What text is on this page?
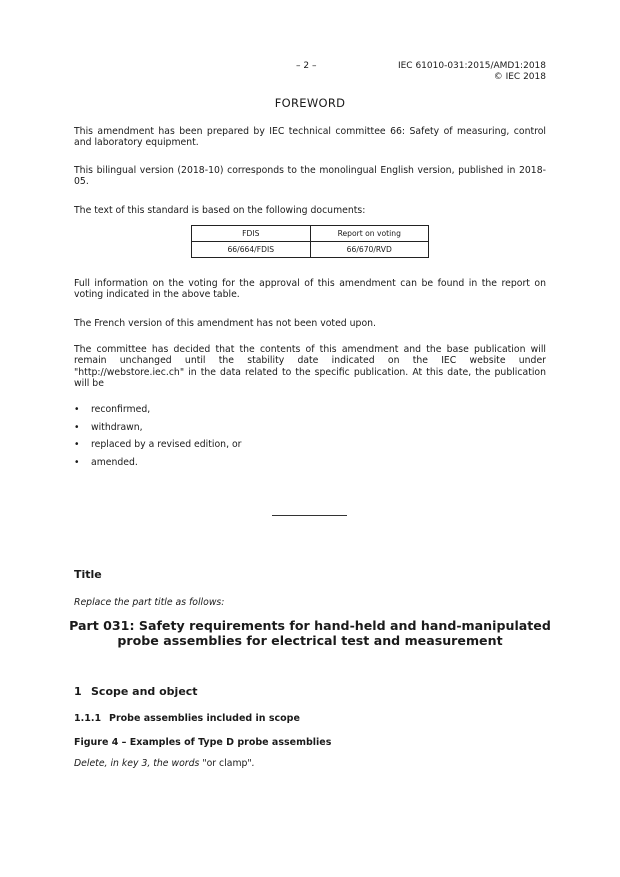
– 2 –	IEC 61010-031:2015/AMD1:2018
© IEC 2018
FOREWORD
This amendment has been prepared by IEC technical committee 66: Safety of measuring, control and laboratory equipment.
This bilingual version (2018-10) corresponds to the monolingual English version, published in 2018-05.
The text of this standard is based on the following documents:
FDIS	Report on voting
66/664/FDIS	66/670/RVD
Full information on the voting for the approval of this amendment can be found in the report on voting indicated in the above table.
The French version of this amendment has not been voted upon.
The committee has decided that the contents of this amendment and the base publication will remain unchanged until the stability date indicated on the IEC website under "http://webstore.iec.ch" in the data related to the specific publication. At this date, the publication will be
•	reconfirmed,
•	withdrawn,
•	replaced by a revised edition, or
•	amended.
Title
Replace the part title as follows:
Part 031: Safety requirements for hand-held and hand-manipulated
probe assemblies for electrical test and measurement
1 Scope and object
1.1.1 Probe assemblies included in scope
Figure 4 – Examples of Type D probe assemblies
Delete, in key 3, the words "or clamp".
